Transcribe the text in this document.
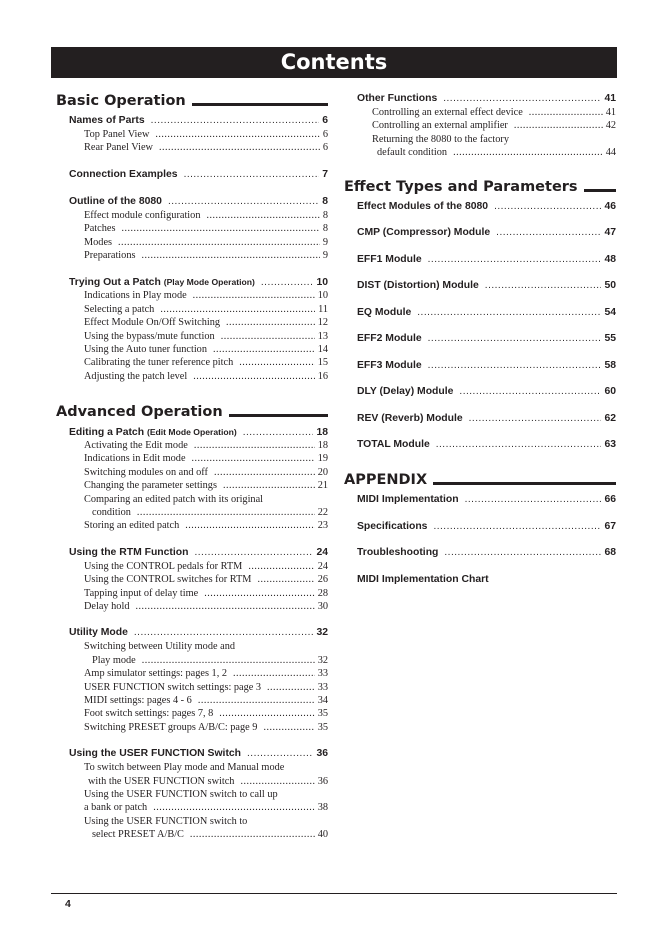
Contents
Basic Operation
Names of Parts .....	6
Top Panel View .....	6
Rear Panel View .....	6
Connection Examples .....	7
Outline of the 8080 .....	8
Effect module configuration .....	8
Patches .....	8
Modes .....	9
Preparations .....	9
Trying Out a Patch (Play Mode Operation) .....	10
Indications in Play mode .....	10
Selecting a patch .....	11
Effect Module On/Off Switching .....	12
Using the bypass/mute function .....	13
Using the Auto tuner function .....	14
Calibrating the tuner reference pitch .....	15
Adjusting the patch level .....	16
Advanced Operation
Editing a Patch (Edit Mode Operation) .....	18
Activating the Edit mode .....	18
Indications in Edit mode .....	19
Switching modules on and off .....	20
Changing the parameter settings .....	21
Comparing an edited patch with its original
condition .....	22
Storing an edited patch .....	23
Using the RTM Function .....	24
Using the CONTROL pedals for RTM .....	24
Using the CONTROL switches for RTM .....	26
Tapping input of delay time .....	28
Delay hold .....	30
Utility Mode .....	32
Switching between Utility mode and
Play mode .....	32
Amp simulator settings: pages 1, 2 .....	33
USER FUNCTION switch settings: page 3 .....	33
MIDI settings: pages 4 - 6 .....	34
Foot switch settings: pages 7, 8 .....	35
Switching PRESET groups A/B/C: page 9 .....	35
Using the USER FUNCTION Switch .....	36
To switch between Play mode and Manual mode
with the USER FUNCTION switch .....	36
Using the USER FUNCTION switch to call up
a bank or patch .....	38
Using the USER FUNCTION switch to
select PRESET A/B/C .....	40
Other Functions .....	41
Controlling an external effect device .....	41
Controlling an external amplifier .....	42
Returning the 8080 to the factory
default condition .....	44
Effect Types and Parameters
Effect Modules of the 8080 .....	46
CMP (Compressor) Module .....	47
EFF1 Module .....	48
DIST (Distortion) Module .....	50
EQ Module .....	54
EFF2 Module .....	55
EFF3 Module .....	58
DLY (Delay) Module .....	60
REV (Reverb) Module .....	62
TOTAL Module .....	63
APPENDIX
MIDI Implementation .....	66
Specifications .....	67
Troubleshooting .....	68
MIDI Implementation Chart
4
